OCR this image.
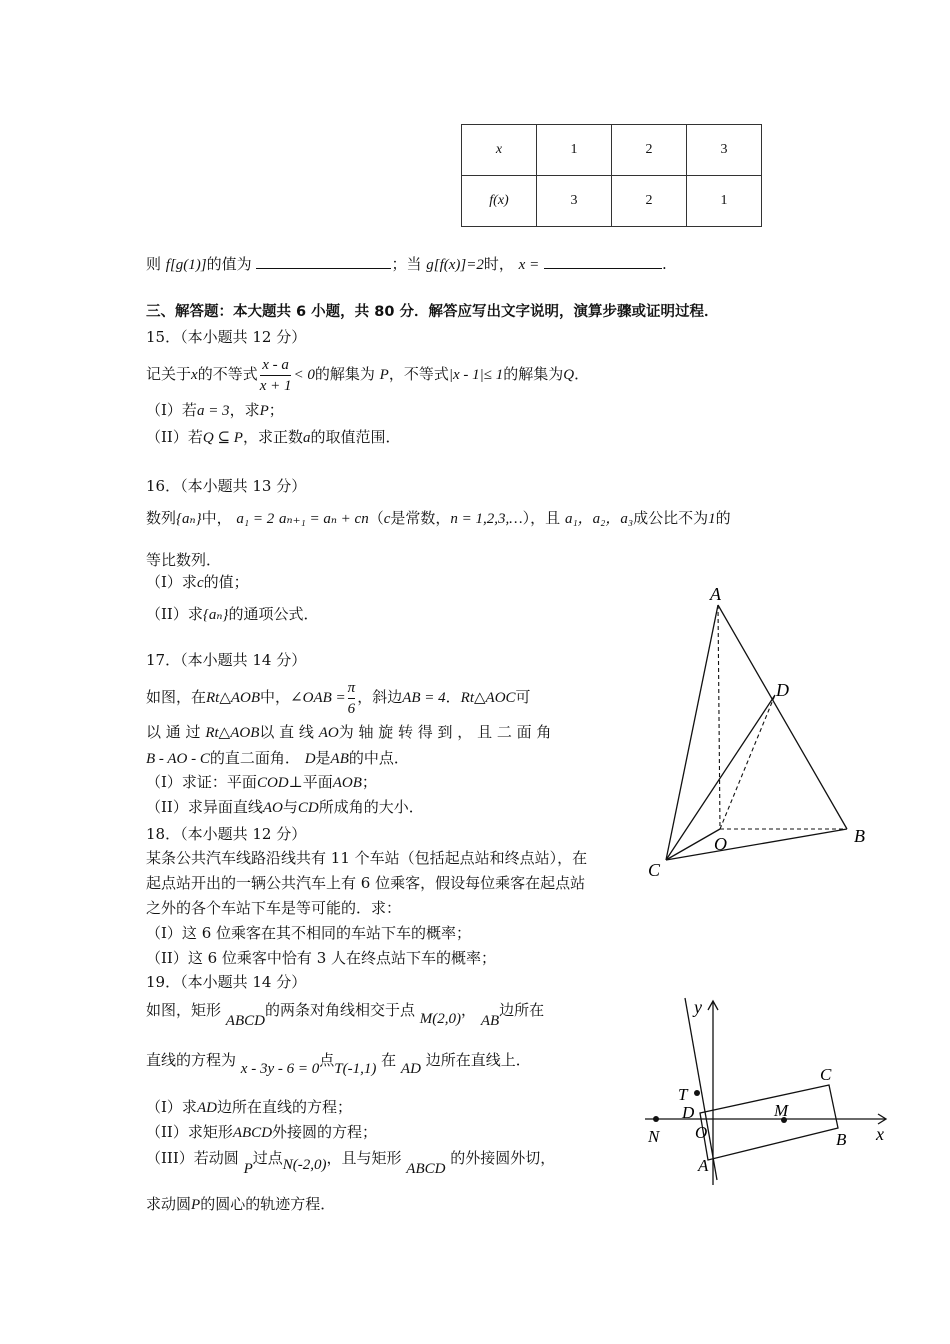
x	1	2	3
f(x)	3	2	1
则 f[g(1)]的值为	；当 g[f(x)]=2时， x =	.
三、解答题：本大题共 6 小题，共 80 分．解答应写出文字说明，演算步骤或证明过程．
15．（本小题共 12 分）
记关于x的不等式 $\frac{x - a}{x + 1} < 0$的解集为 P，不等式|x - 1|≤ 1的解集为Q．
（I）若a = 3，求P；
（II）若Q ⊆ P，求正数a的取值范围．
16．（本小题共 13 分）
数列{aₙ}中， a₁ = 2 aₙ₊₁ = aₙ + cn（c是常数，n = 1,2,3,…），且 a₁，a₂，a₃成公比不为1的
等比数列．
（I）求c的值；
（II）求{aₙ}的通项公式．
17．（本小题共 14 分）
如图，在Rt△AOB中，∠OAB = $\frac{\pi}{6}$ ，斜边AB = 4．Rt△AOC可
以 通 过 Rt△AOB以 直 线 AO为 轴 旋 转 得 到 ， 且 二 面 角
B - AO - C的直二面角． D是AB的中点．
（I）求证：平面COD⊥平面AOB；
（II）求异面直线AO与CD所成角的大小．
18．（本小题共 12 分）
某条公共汽车线路沿线共有 11 个车站（包括起点站和终点站），在
起点站开出的一辆公共汽车上有 6 位乘客，假设每位乘客在起点站
之外的各个车站下车是等可能的．求：
（I）这 6 位乘客在其不相同的车站下车的概率；
（II）这 6 位乘客中恰有 3 人在终点站下车的概率；
19．（本小题共 14 分）
如图，矩形 ABCD的两条对角线相交于点 M(2,0)， AB边所在
直线的方程为 x - 3y - 6 = 0点T(-1,1) 在 AD 边所在直线上．
（I）求AD边所在直线的方程；
（II）求矩形ABCD外接圆的方程；
（III）若动圆 P过点N(-2,0)，且与矩形 ABCD 的外接圆外切，
求动圆P的圆心的轨迹方程．
A
B
C
D
O
y
x
T
D
O
N
A
M
B
C
